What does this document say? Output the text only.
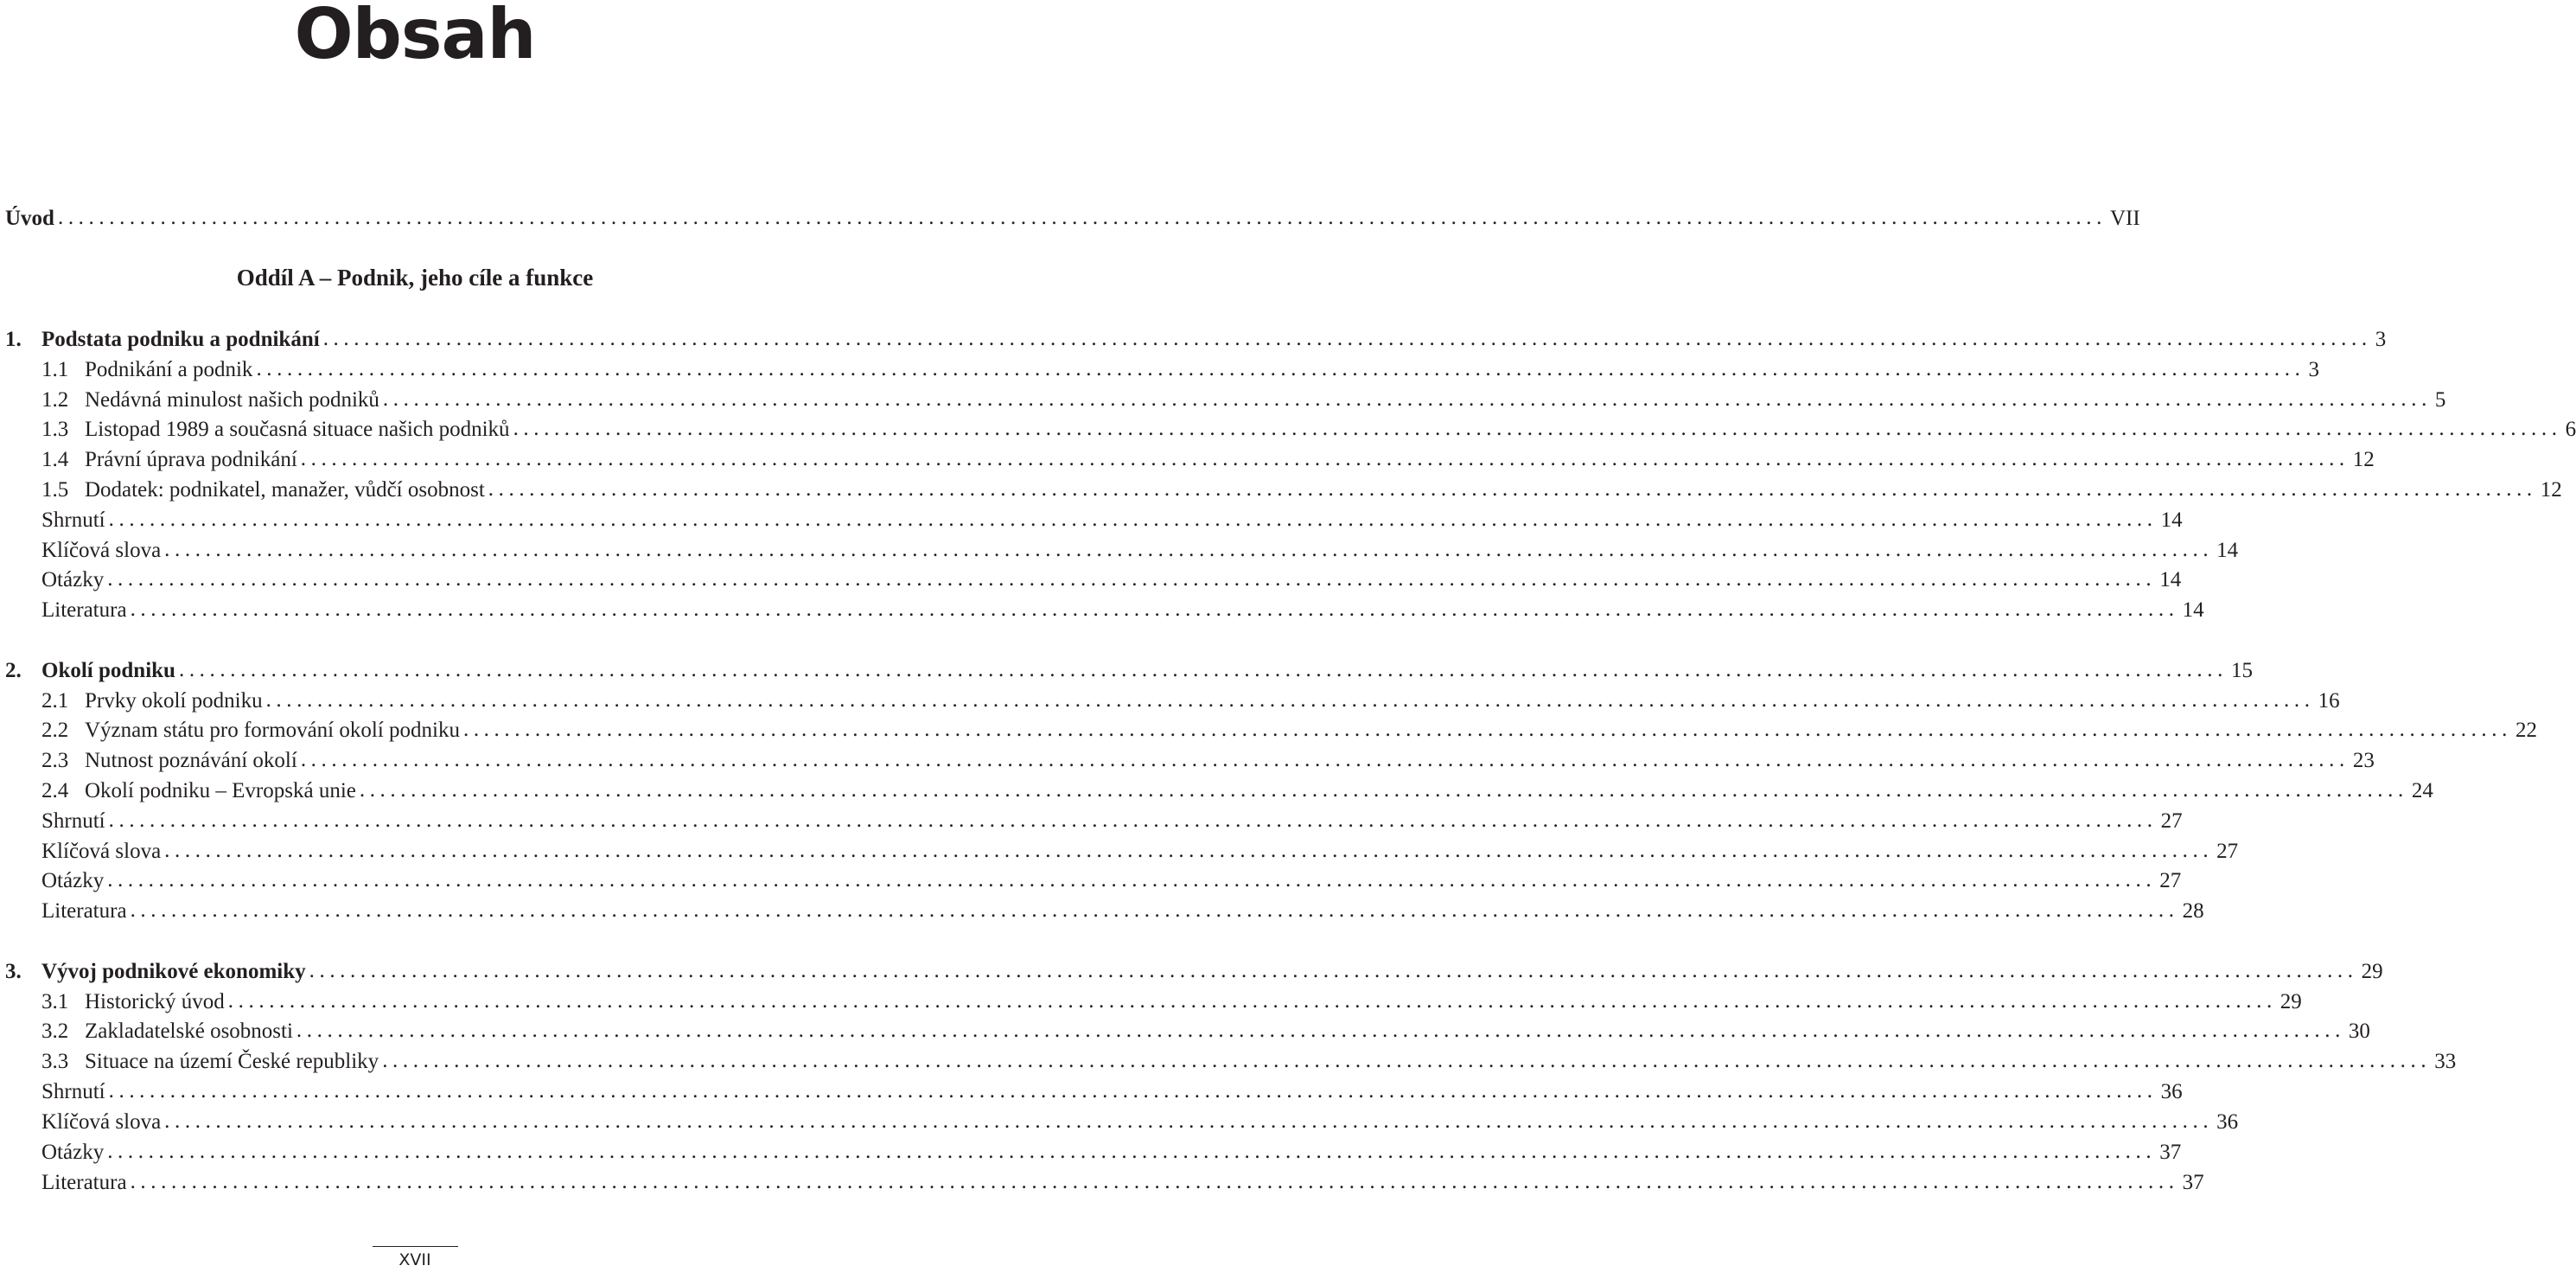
Obsah
Úvod ........................................................................................................................................................................................................ VII
Oddíl A – Podnik, jeho cíle a funkce
1. Podstata podniku a podnikání ........................................................................................................................................................................................................ 3
1.1 Podnikání a podnik ........................................................................................................................................................................................................ 3
1.2 Nedávná minulost našich podniků ........................................................................................................................................................................................................ 5
1.3 Listopad 1989 a současná situace našich podniků ........................................................................................................................................................................................................ 6
1.4 Právní úprava podnikání ........................................................................................................................................................................................................ 12
1.5 Dodatek: podnikatel, manažer, vůdčí osobnost ........................................................................................................................................................................................................ 12
Shrnutí ........................................................................................................................................................................................................ 14
Klíčová slova ........................................................................................................................................................................................................ 14
Otázky ........................................................................................................................................................................................................ 14
Literatura ........................................................................................................................................................................................................ 14
2. Okolí podniku ........................................................................................................................................................................................................ 15
2.1 Prvky okolí podniku ........................................................................................................................................................................................................ 16
2.2 Význam státu pro formování okolí podniku ........................................................................................................................................................................................................ 22
2.3 Nutnost poznávání okolí ........................................................................................................................................................................................................ 23
2.4 Okolí podniku – Evropská unie ........................................................................................................................................................................................................ 24
Shrnutí ........................................................................................................................................................................................................ 27
Klíčová slova ........................................................................................................................................................................................................ 27
Otázky ........................................................................................................................................................................................................ 27
Literatura ........................................................................................................................................................................................................ 28
3. Vývoj podnikové ekonomiky ........................................................................................................................................................................................................ 29
3.1 Historický úvod ........................................................................................................................................................................................................ 29
3.2 Zakladatelské osobnosti ........................................................................................................................................................................................................ 30
3.3 Situace na území České republiky ........................................................................................................................................................................................................ 33
Shrnutí ........................................................................................................................................................................................................ 36
Klíčová slova ........................................................................................................................................................................................................ 36
Otázky ........................................................................................................................................................................................................ 37
Literatura ........................................................................................................................................................................................................ 37
XVII
